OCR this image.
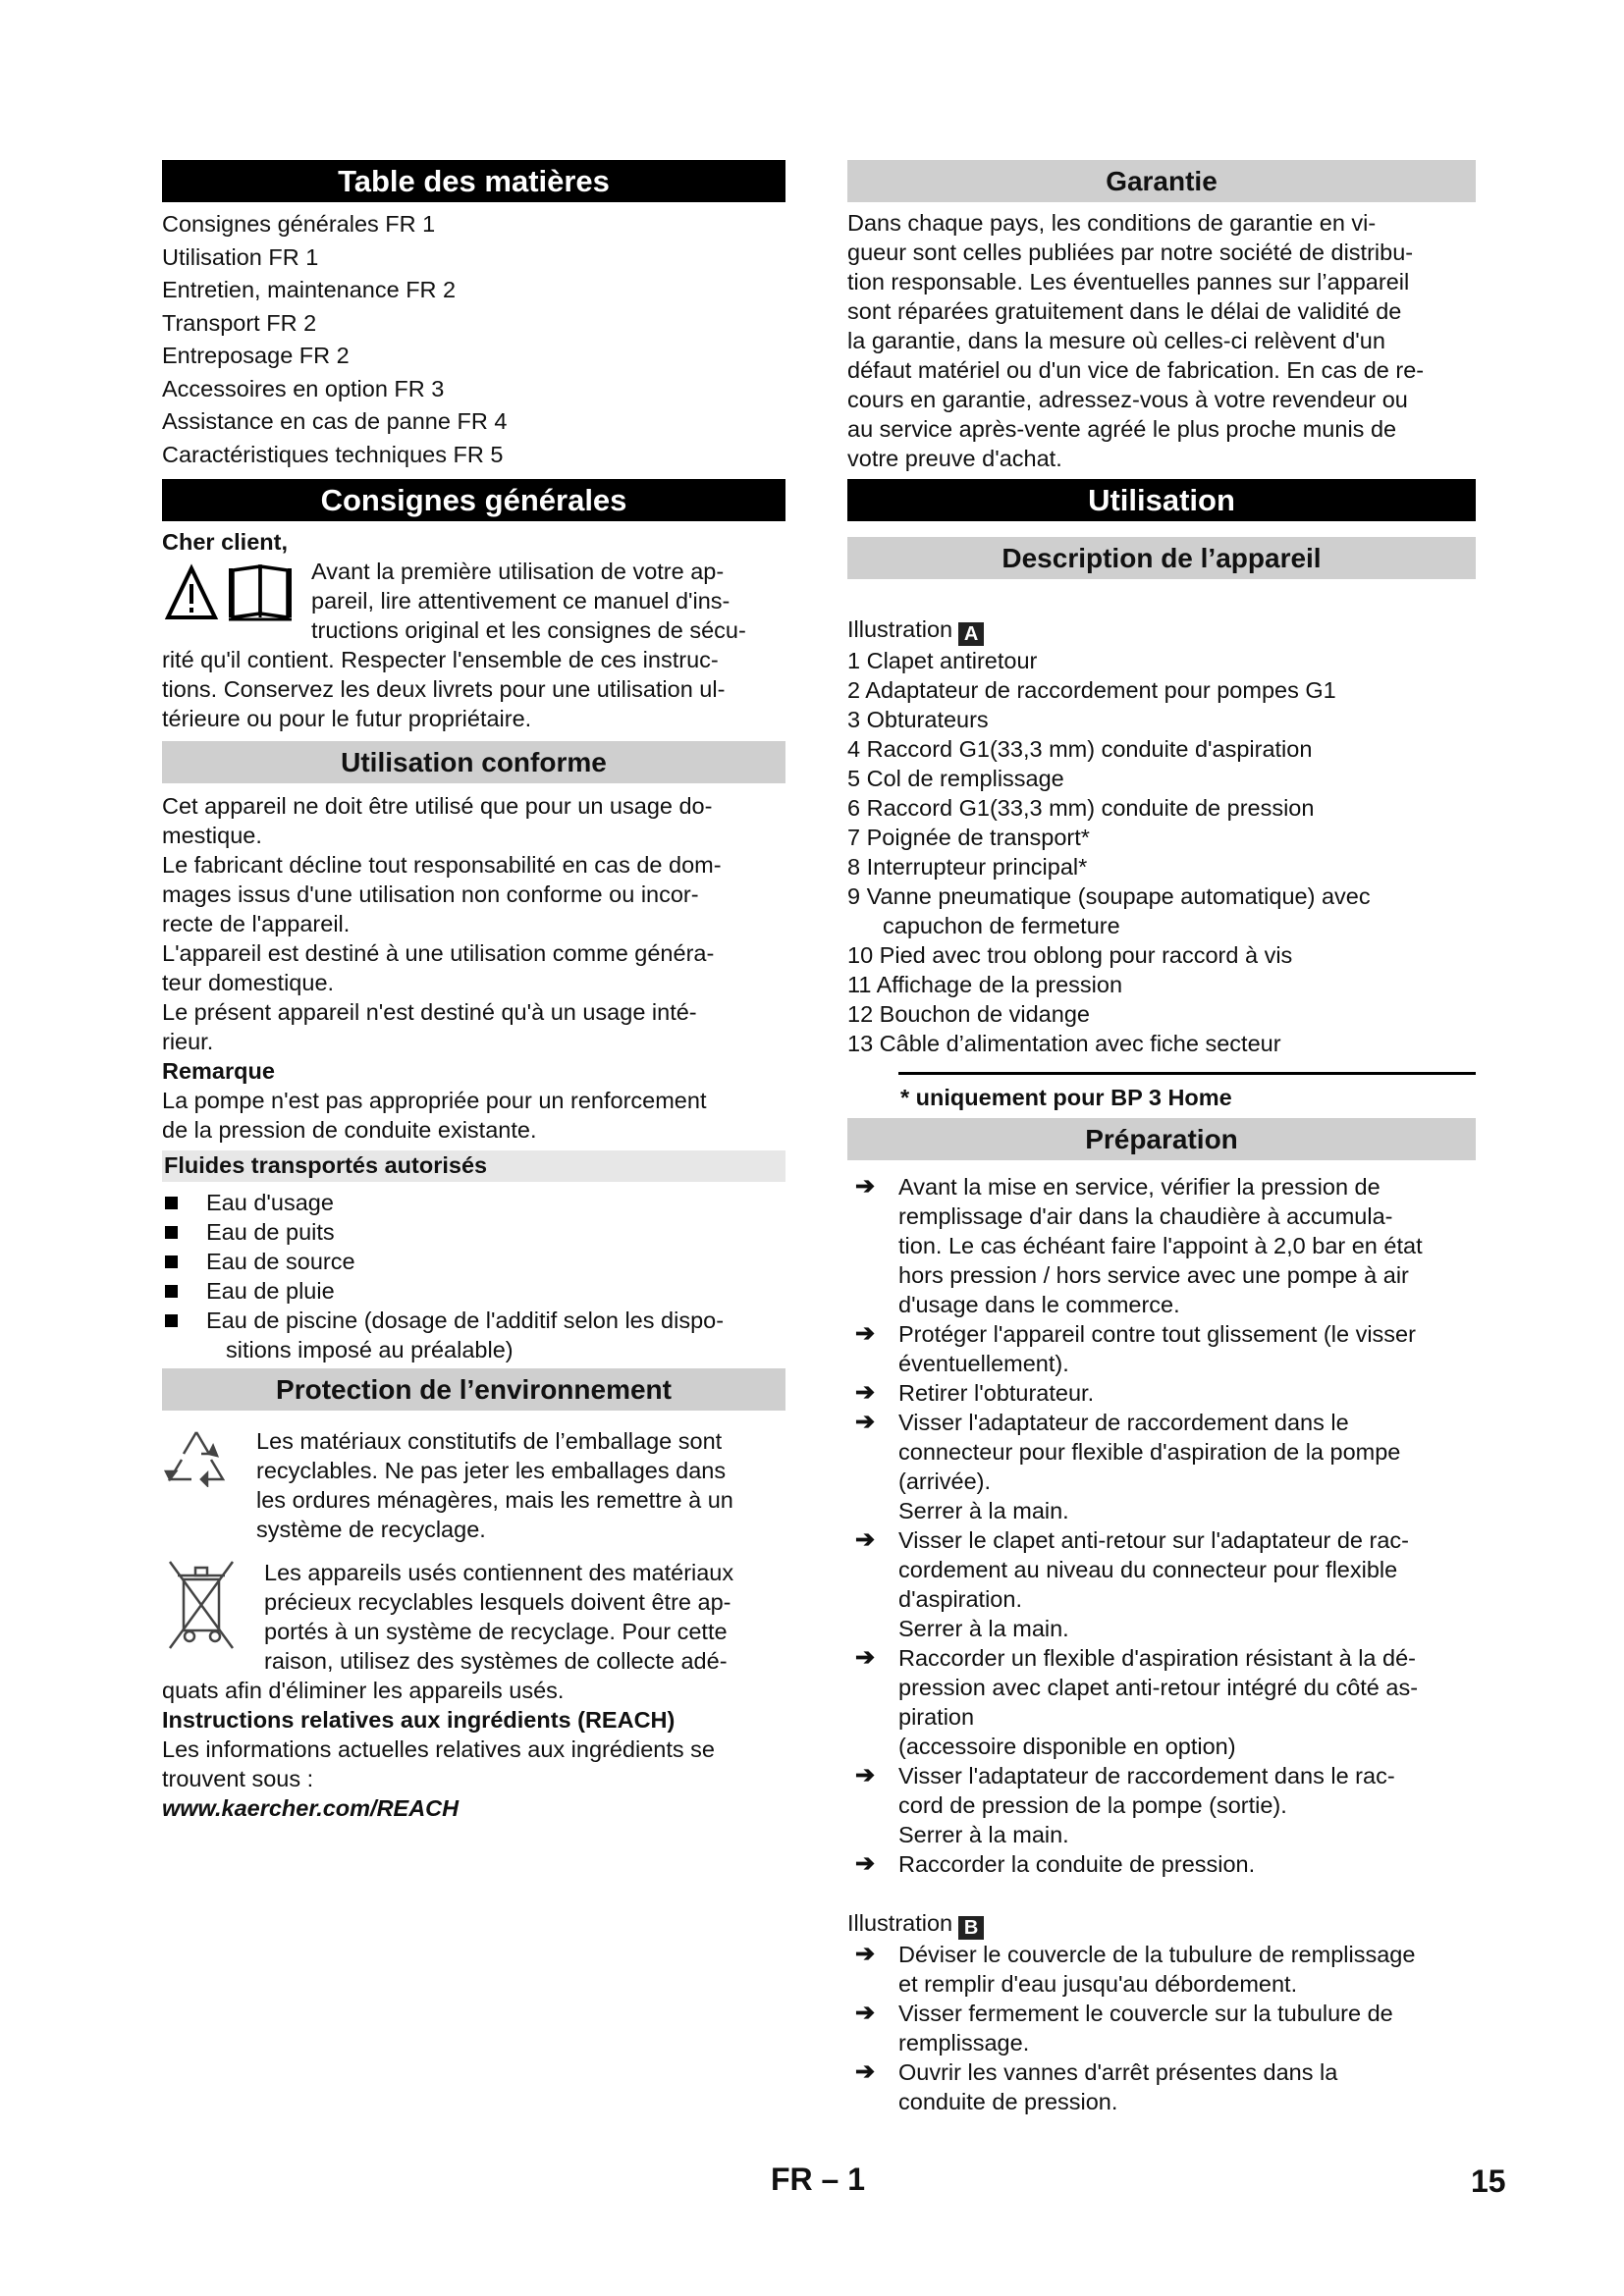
Table des matières
Consignes générales FR 1
Utilisation FR 1
Entretien, maintenance FR 2
Transport FR 2
Entreposage FR 2
Accessoires en option FR 3
Assistance en cas de panne FR 4
Caractéristiques techniques FR 5
Consignes générales
Cher client,

Avant la première utilisation de votre ap-
pareil, lire attentivement ce manuel d'ins-
tructions original et les consignes de sécu-

rité qu'il contient. Respecter l'ensemble de ces instruc-
tions. Conservez les deux livrets pour une utilisation ul-
térieure ou pour le futur propriétaire.

Utilisation conforme

Cet appareil ne doit être utilisé que pour un usage do-
mestique.

Le fabricant décline tout responsabilité en cas de dom-
mages issus d'une utilisation non conforme ou incor-
recte de l'appareil.

L'appareil est destiné à une utilisation comme généra-
teur domestique.

Le présent appareil n'est destiné qu'à un usage inté-
rieur.

Remarque

La pompe n'est pas appropriée pour un renforcement
de la pression de conduite existante.

Fluides transportés autorisés
Eau d'usage
Eau de puits
Eau de source
Eau de pluie
Eau de piscine (dosage de l'additif selon les dispo-
sitions imposé au préalable)
Protection de l’environnement

Les matériaux constitutifs de l’emballage sont
recyclables. Ne pas jeter les emballages dans
les ordures ménagères, mais les remettre à un
système de recyclage.

Les appareils usés contiennent des matériaux
précieux recyclables lesquels doivent être ap-
portés à un système de recyclage. Pour cette
raison, utilisez des systèmes de collecte adé-

quats afin d'éliminer les appareils usés.

Instructions relatives aux ingrédients (REACH)

Les informations actuelles relatives aux ingrédients se
trouvent sous :

www.kaercher.com/REACH
Garantie

Dans chaque pays, les conditions de garantie en vi-
gueur sont celles publiées par notre société de distribu-
tion responsable. Les éventuelles pannes sur l’appareil
sont réparées gratuitement dans le délai de validité de
la garantie, dans la mesure où celles-ci relèvent d'un
défaut matériel ou d'un vice de fabrication. En cas de re-
cours en garantie, adressez-vous à votre revendeur ou
au service après-vente agréé le plus proche munis de
votre preuve d'achat.

Utilisation
Description de l’appareil

Illustration A

1 Clapet antiretour
2 Adaptateur de raccordement pour pompes G1
3 Obturateurs
4 Raccord G1(33,3 mm) conduite d'aspiration
5 Col de remplissage
6 Raccord G1(33,3 mm) conduite de pression
7 Poignée de transport*
8 Interrupteur principal*
9 Vanne pneumatique (soupape automatique) avec
capuchon de fermeture
10 Pied avec trou oblong pour raccord à vis
11 Affichage de la pression
12 Bouchon de vidange
13 Câble d’alimentation avec fiche secteur
* uniquement pour BP 3 Home
Préparation
➔ Avant la mise en service, vérifier la pression de
remplissage d'air dans la chaudière à accumula-
tion. Le cas échéant faire l'appoint à 2,0 bar en état
hors pression / hors service avec une pompe à air
d'usage dans le commerce.
➔ Protéger l'appareil contre tout glissement (le visser
éventuellement).
➔ Retirer l'obturateur.
➔ Visser l'adaptateur de raccordement dans le
connecteur pour flexible d'aspiration de la pompe
(arrivée).
Serrer à la main.
➔ Visser le clapet anti-retour sur l'adaptateur de rac-
cordement au niveau du connecteur pour flexible
d'aspiration.
Serrer à la main.
➔ Raccorder un flexible d'aspiration résistant à la dé-
pression avec clapet anti-retour intégré du côté as-
piration
(accessoire disponible en option)
➔ Visser l'adaptateur de raccordement dans le rac-
cord de pression de la pompe (sortie).
Serrer à la main.
➔ Raccorder la conduite de pression.

Illustration B

➔ Déviser le couvercle de la tubulure de remplissage
et remplir d'eau jusqu'au débordement.
➔ Visser fermement le couvercle sur la tubulure de
remplissage.
➔ Ouvrir les vannes d'arrêt présentes dans la
conduite de pression.
FR – 1	15
